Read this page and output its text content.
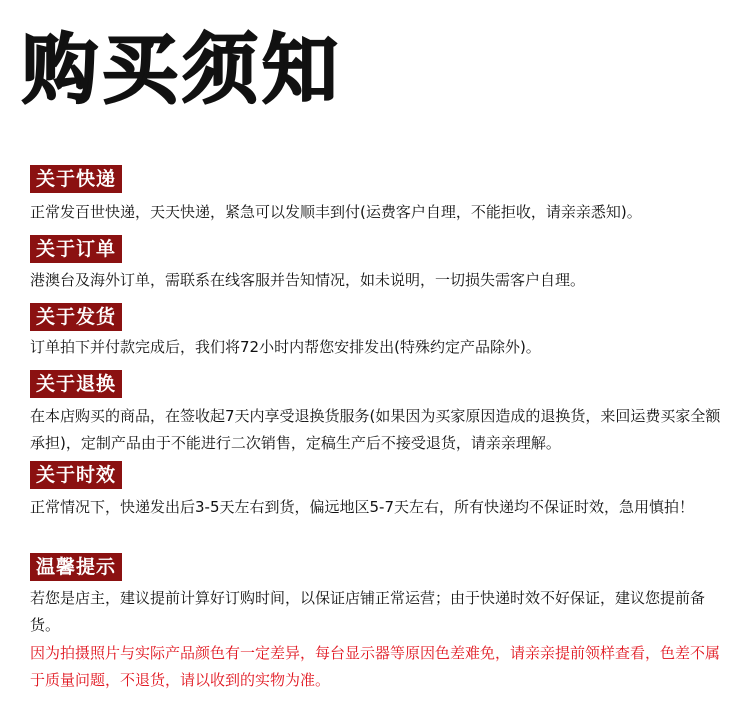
购买须知
关于快递

正常发百世快递，天天快递，紧急可以发顺丰到付(运费客户自理，不能拒收，请亲亲悉知)。

关于订单

港澳台及海外订单，需联系在线客服并告知情况，如未说明，一切损失需客户自理。

关于发货

订单拍下并付款完成后，我们将72小时内帮您安排发出(特殊约定产品除外)。

关于退换

在本店购买的商品，在签收起7天内享受退换货服务(如果因为买家原因造成的退换货，来回运费买家全额承担)，定制产品由于不能进行二次销售，定稿生产后不接受退货，请亲亲理解。

关于时效

正常情况下，快递发出后3-5天左右到货，偏远地区5-7天左右，所有快递均不保证时效，急用慎拍！

温馨提示

若您是店主，建议提前计算好订购时间，以保证店铺正常运营；由于快递时效不好保证，建议您提前备货。

因为拍摄照片与实际产品颜色有一定差异，每台显示器等原因色差难免，请亲亲提前领样查看，色差不属于质量问题，不退货，请以收到的实物为准。
